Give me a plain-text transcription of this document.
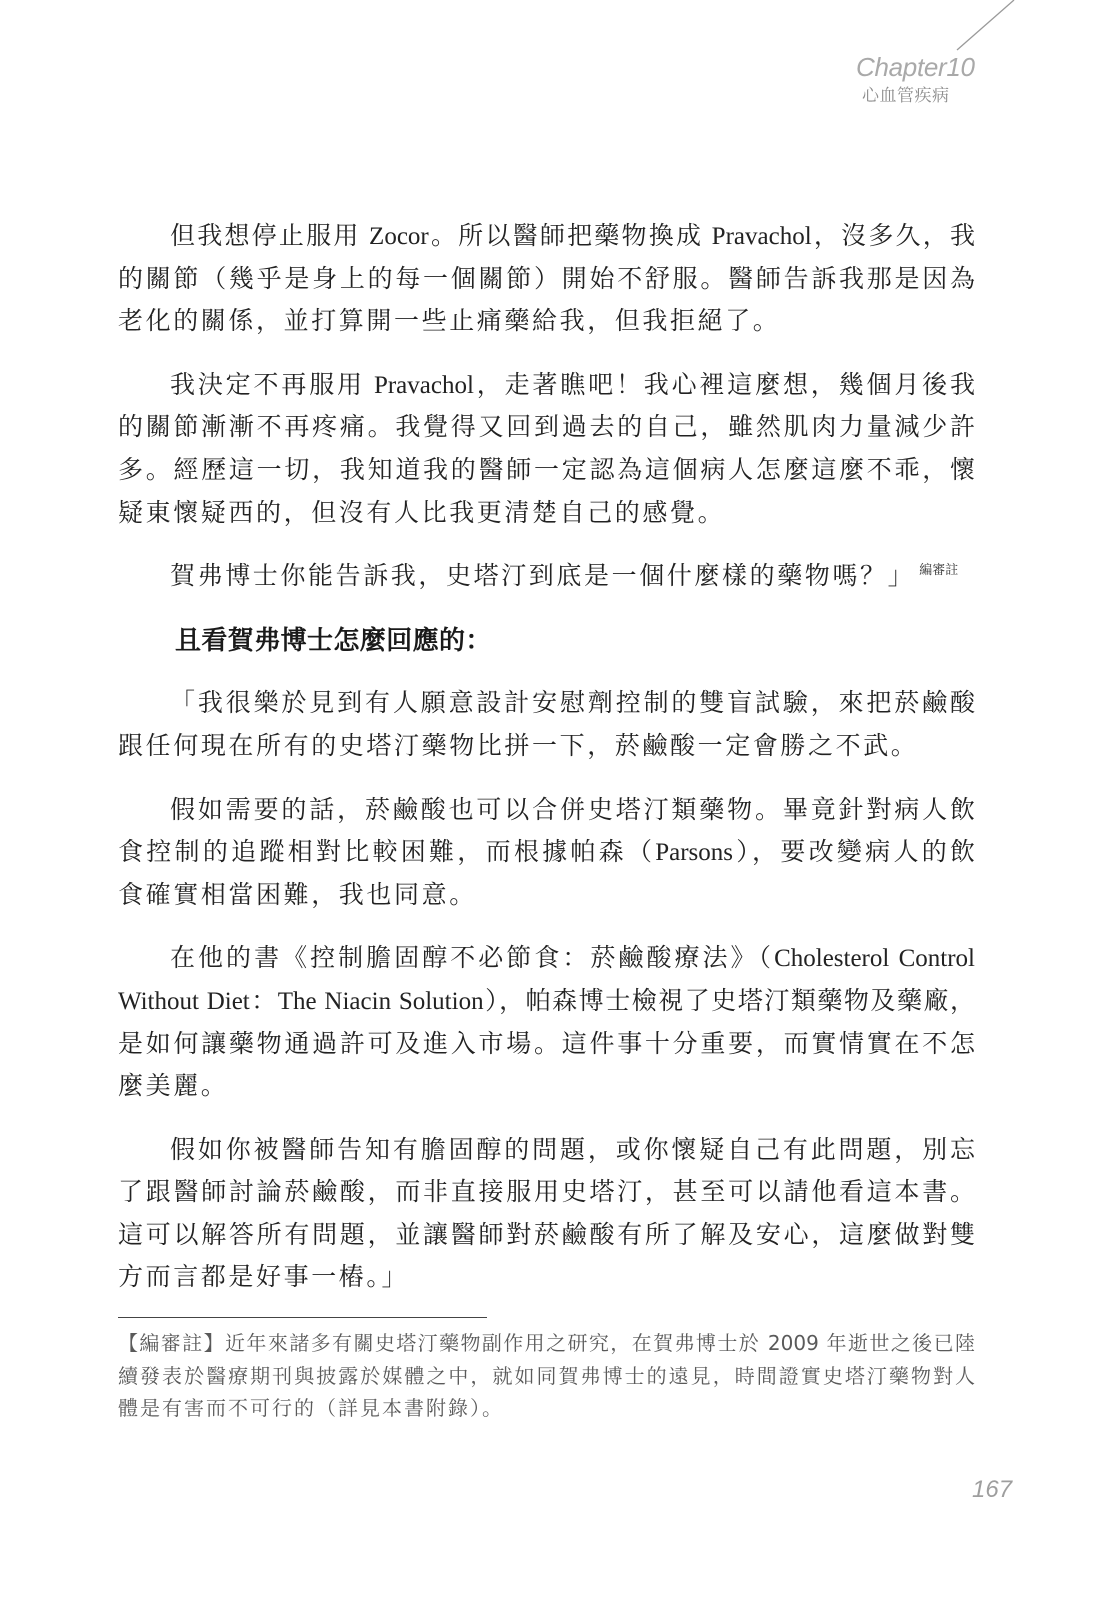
Chapter10
心血管疾病
但我想停止服用 Zocor。所以醫師把藥物換成 Pravachol，沒多久，我
的關節（幾乎是身上的每一個關節）開始不舒服。醫師告訴我那是因為
老化的關係，並打算開一些止痛藥給我，但我拒絕了。
我決定不再服用 Pravachol，走著瞧吧！我心裡這麼想，幾個月後我
的關節漸漸不再疼痛。我覺得又回到過去的自己，雖然肌肉力量減少許
多。經歷這一切，我知道我的醫師一定認為這個病人怎麼這麼不乖，懷
疑東懷疑西的，但沒有人比我更清楚自己的感覺。
賀弗博士你能告訴我，史塔汀到底是一個什麼樣的藥物嗎？」 $^{編審註}$
且看賀弗博士怎麼回應的：
「我很樂於見到有人願意設計安慰劑控制的雙盲試驗，來把菸鹼酸
跟任何現在所有的史塔汀藥物比拼一下，菸鹼酸一定會勝之不武。
假如需要的話，菸鹼酸也可以合併史塔汀類藥物。畢竟針對病人飲
食控制的追蹤相對比較困難，而根據帕森（Parsons），要改變病人的飲
食確實相當困難，我也同意。
在他的書《控制膽固醇不必節食：菸鹼酸療法》（Cholesterol Control
Without Diet：The Niacin Solution），帕森博士檢視了史塔汀類藥物及藥廠，
是如何讓藥物通過許可及進入市場。這件事十分重要，而實情實在不怎
麼美麗。
假如你被醫師告知有膽固醇的問題，或你懷疑自己有此問題，別忘
了跟醫師討論菸鹼酸，而非直接服用史塔汀，甚至可以請他看這本書。
這可以解答所有問題，並讓醫師對菸鹼酸有所了解及安心，這麼做對雙
方而言都是好事一樁。」
【編審註】近年來諸多有關史塔汀藥物副作用之研究，在賀弗博士於 2009 年逝世之後已陸
續發表於醫療期刊與披露於媒體之中，就如同賀弗博士的遠見，時間證實史塔汀藥物對人
體是有害而不可行的（詳見本書附錄）。
167
